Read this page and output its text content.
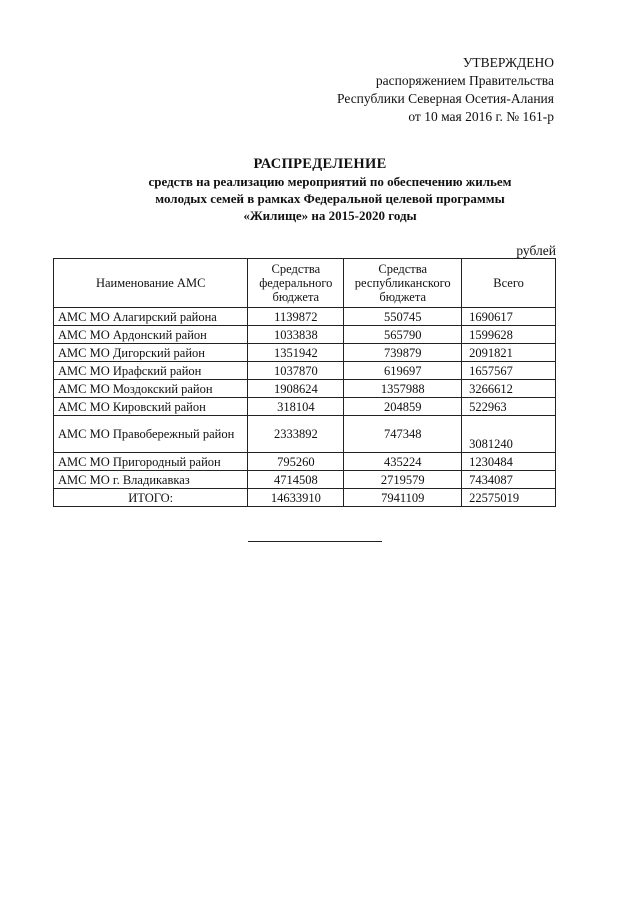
УТВЕРЖДЕНО
распоряжением Правительства
Республики Северная Осетия-Алания
от 10 мая 2016 г. № 161-р
РАСПРЕДЕЛЕНИЕ
средств на реализацию мероприятий по обеспечению жильем
молодых семей в рамках Федеральной целевой программы
«Жилище» на 2015-2020 годы
рублей
Наименование АМС	Средства федерального бюджета	Средства республиканского бюджета	Всего
АМС МО Алагирский района	1139872	550745	1690617
АМС МО Ардонский район	1033838	565790	1599628
АМС МО Дигорский район	1351942	739879	2091821
АМС МО Ирафский район	1037870	619697	1657567
АМС МО Моздокский район	1908624	1357988	3266612
АМС МО Кировский район	318104	204859	522963
АМС МО Правобережный район	2333892	747348	3081240
АМС МО Пригородный район	795260	435224	1230484
АМС МО г. Владикавказ	4714508	2719579	7434087
ИТОГО:	14633910	7941109	22575019
